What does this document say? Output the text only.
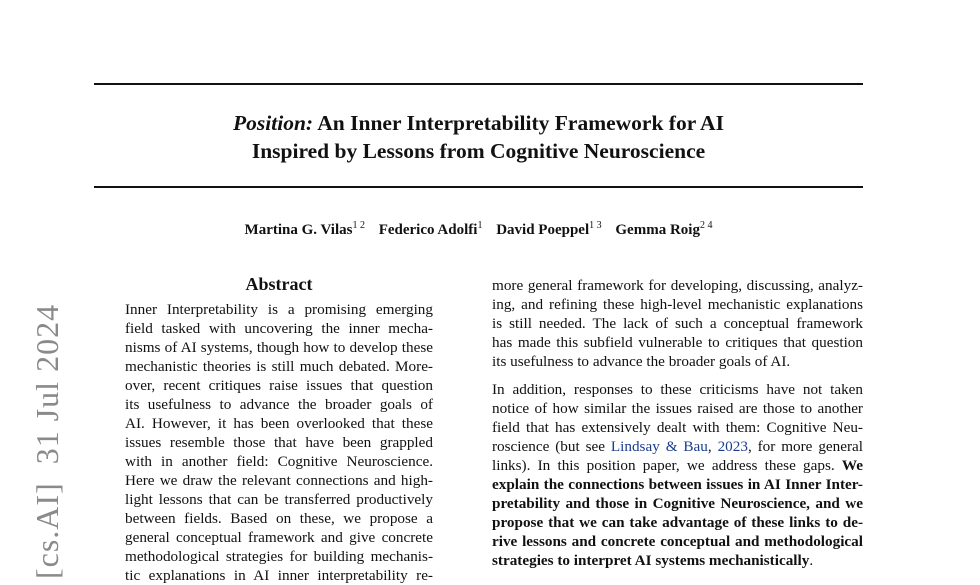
Position: An Inner Interpretability Framework for AI
Inspired by Lessons from Cognitive Neuroscience
Martina G. Vilas$^{1 2}$ Federico Adolfi$^1$ David Poeppel$^{1 3}$ Gemma Roig$^{2 4}$
[cs.AI]31 Jul 2024
Abstract
Inner Interpretability is a promising emerging
field tasked with uncovering the inner mecha-
nisms of AI systems, though how to develop these
mechanistic theories is still much debated. More-
over, recent critiques raise issues that question
its usefulness to advance the broader goals of
AI. However, it has been overlooked that these
issues resemble those that have been grappled
with in another field: Cognitive Neuroscience.
Here we draw the relevant connections and high-
light lessons that can be transferred productively
between fields. Based on these, we propose a
general conceptual framework and give concrete
methodological strategies for building mechanis-
tic explanations in AI inner interpretability re-
more general framework for developing, discussing, analyz-
ing, and refining these high-level mechanistic explanations
is still needed. The lack of such a conceptual framework
has made this subfield vulnerable to critiques that question
its usefulness to advance the broader goals of AI.
In addition, responses to these criticisms have not taken
notice of how similar the issues raised are those to another
field that has extensively dealt with them: Cognitive Neu-
roscience (but see Lindsay & Bau, 2023, for more general
links). In this position paper, we address these gaps. We
explain the connections between issues in AI Inner Inter-
pretability and those in Cognitive Neuroscience, and we
propose that we can take advantage of these links to de-
rive lessons and concrete conceptual and methodological
strategies to interpret AI systems mechanistically.
